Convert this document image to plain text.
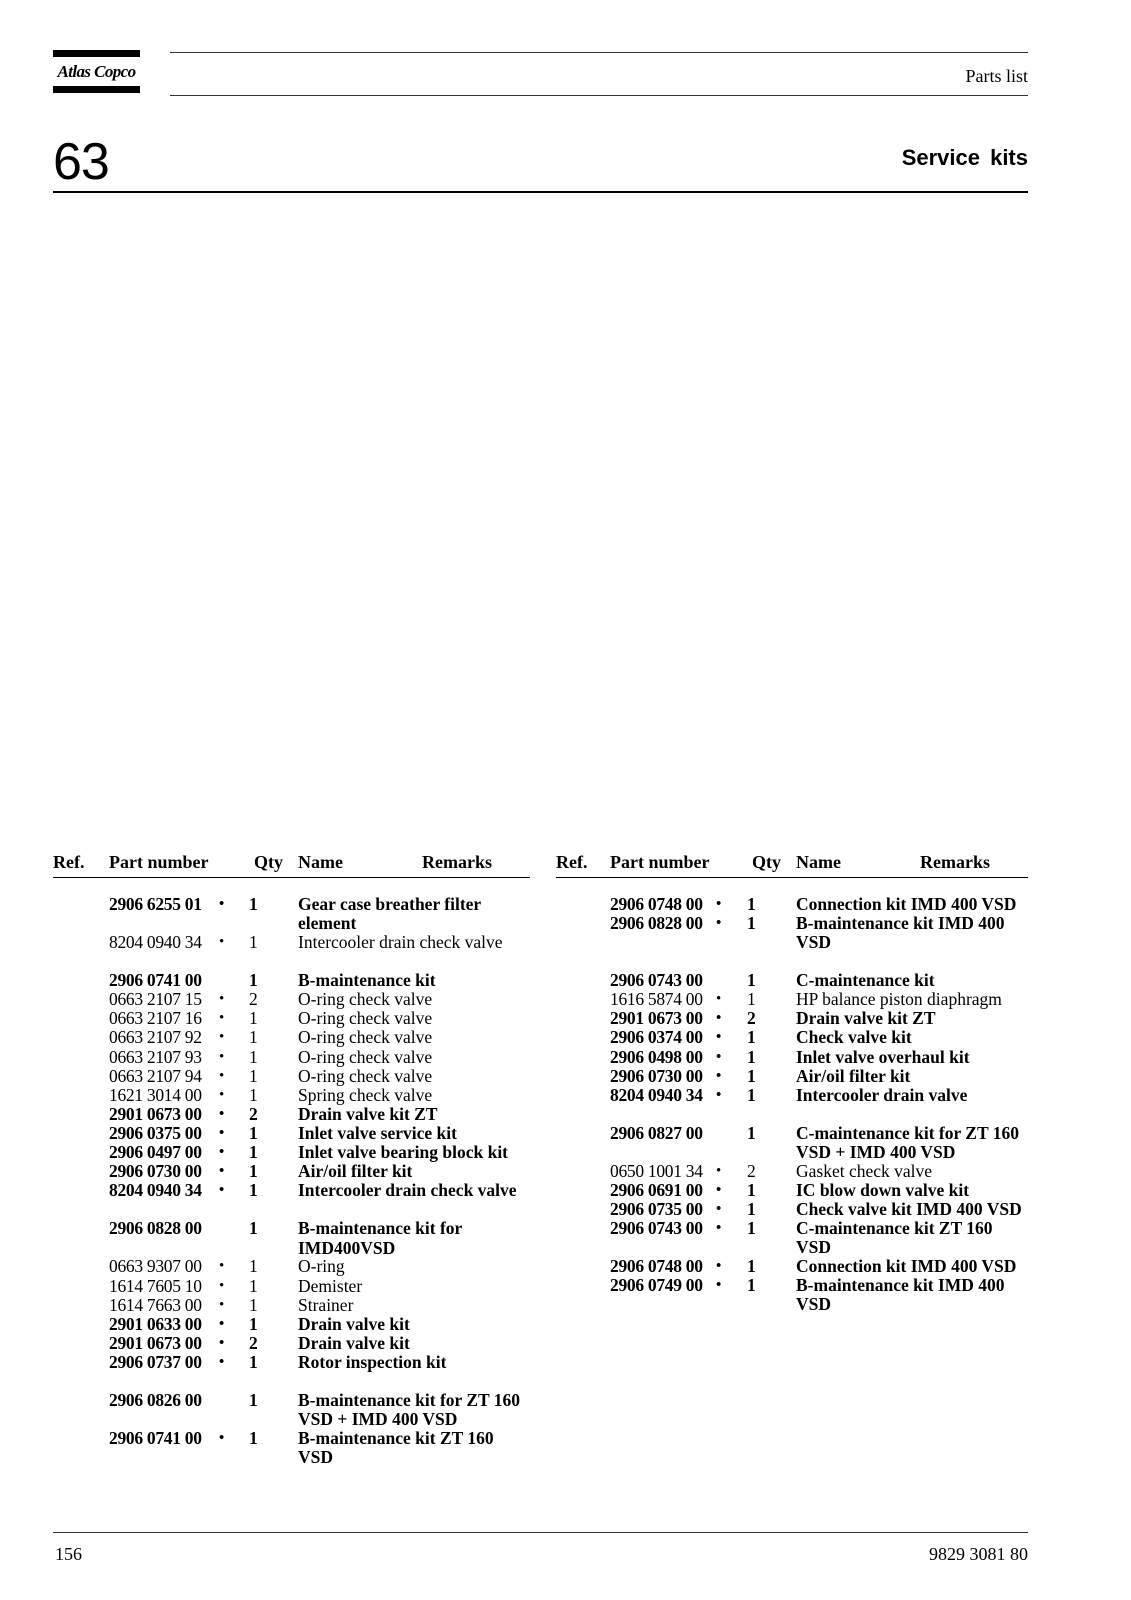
Atlas Copco	Parts list
63	Service kits
Ref. Part number	Qty Name	Remarks
2906 6255 01 • 1 Gear case breather filter element
8204 0940 34 • 1 Intercooler drain check valve
2906 0741 00	1 B-maintenance kit
0663 2107 15 • 2 O-ring check valve
0663 2107 16 • 1 O-ring check valve
0663 2107 92 • 1 O-ring check valve
0663 2107 93 • 1 O-ring check valve
0663 2107 94 • 1 O-ring check valve
1621 3014 00 • 1 Spring check valve
2901 0673 00 • 2 Drain valve kit ZT
2906 0375 00 • 1 Inlet valve service kit
2906 0497 00 • 1 Inlet valve bearing block kit
2906 0730 00 • 1 Air/oil filter kit
8204 0940 34 • 1 Intercooler drain check valve
2906 0828 00	1 B-maintenance kit for IMD400VSD
0663 9307 00 • 1 O-ring
1614 7605 10 • 1 Demister
1614 7663 00 • 1 Strainer
2901 0633 00 • 1 Drain valve kit
2901 0673 00 • 2 Drain valve kit
2906 0737 00 • 1 Rotor inspection kit
2906 0826 00	1 B-maintenance kit for ZT 160 VSD + IMD 400 VSD
2906 0741 00 • 1 B-maintenance kit ZT 160 VSD
Ref. Part number Qty Name	Remarks
2906 0748 00 • 1 Connection kit IMD 400 VSD
2906 0828 00 • 1 B-maintenance kit IMD 400 VSD
2906 0743 00	1 C-maintenance kit
1616 5874 00 • 1 HP balance piston diaphragm
2901 0673 00 • 2 Drain valve kit ZT
2906 0374 00 • 1 Check valve kit
2906 0498 00 • 1 Inlet valve overhaul kit
2906 0730 00 • 1 Air/oil filter kit
8204 0940 34 • 1 Intercooler drain valve
2906 0827 00	1 C-maintenance kit for ZT 160 VSD + IMD 400 VSD
0650 1001 34 • 2 Gasket check valve
2906 0691 00 • 1 IC blow down valve kit
2906 0735 00 • 1 Check valve kit IMD 400 VSD
2906 0743 00 • 1 C-maintenance kit ZT 160 VSD
2906 0748 00 • 1 Connection kit IMD 400 VSD
2906 0749 00 • 1 B-maintenance kit IMD 400 VSD
156	9829 3081 80
